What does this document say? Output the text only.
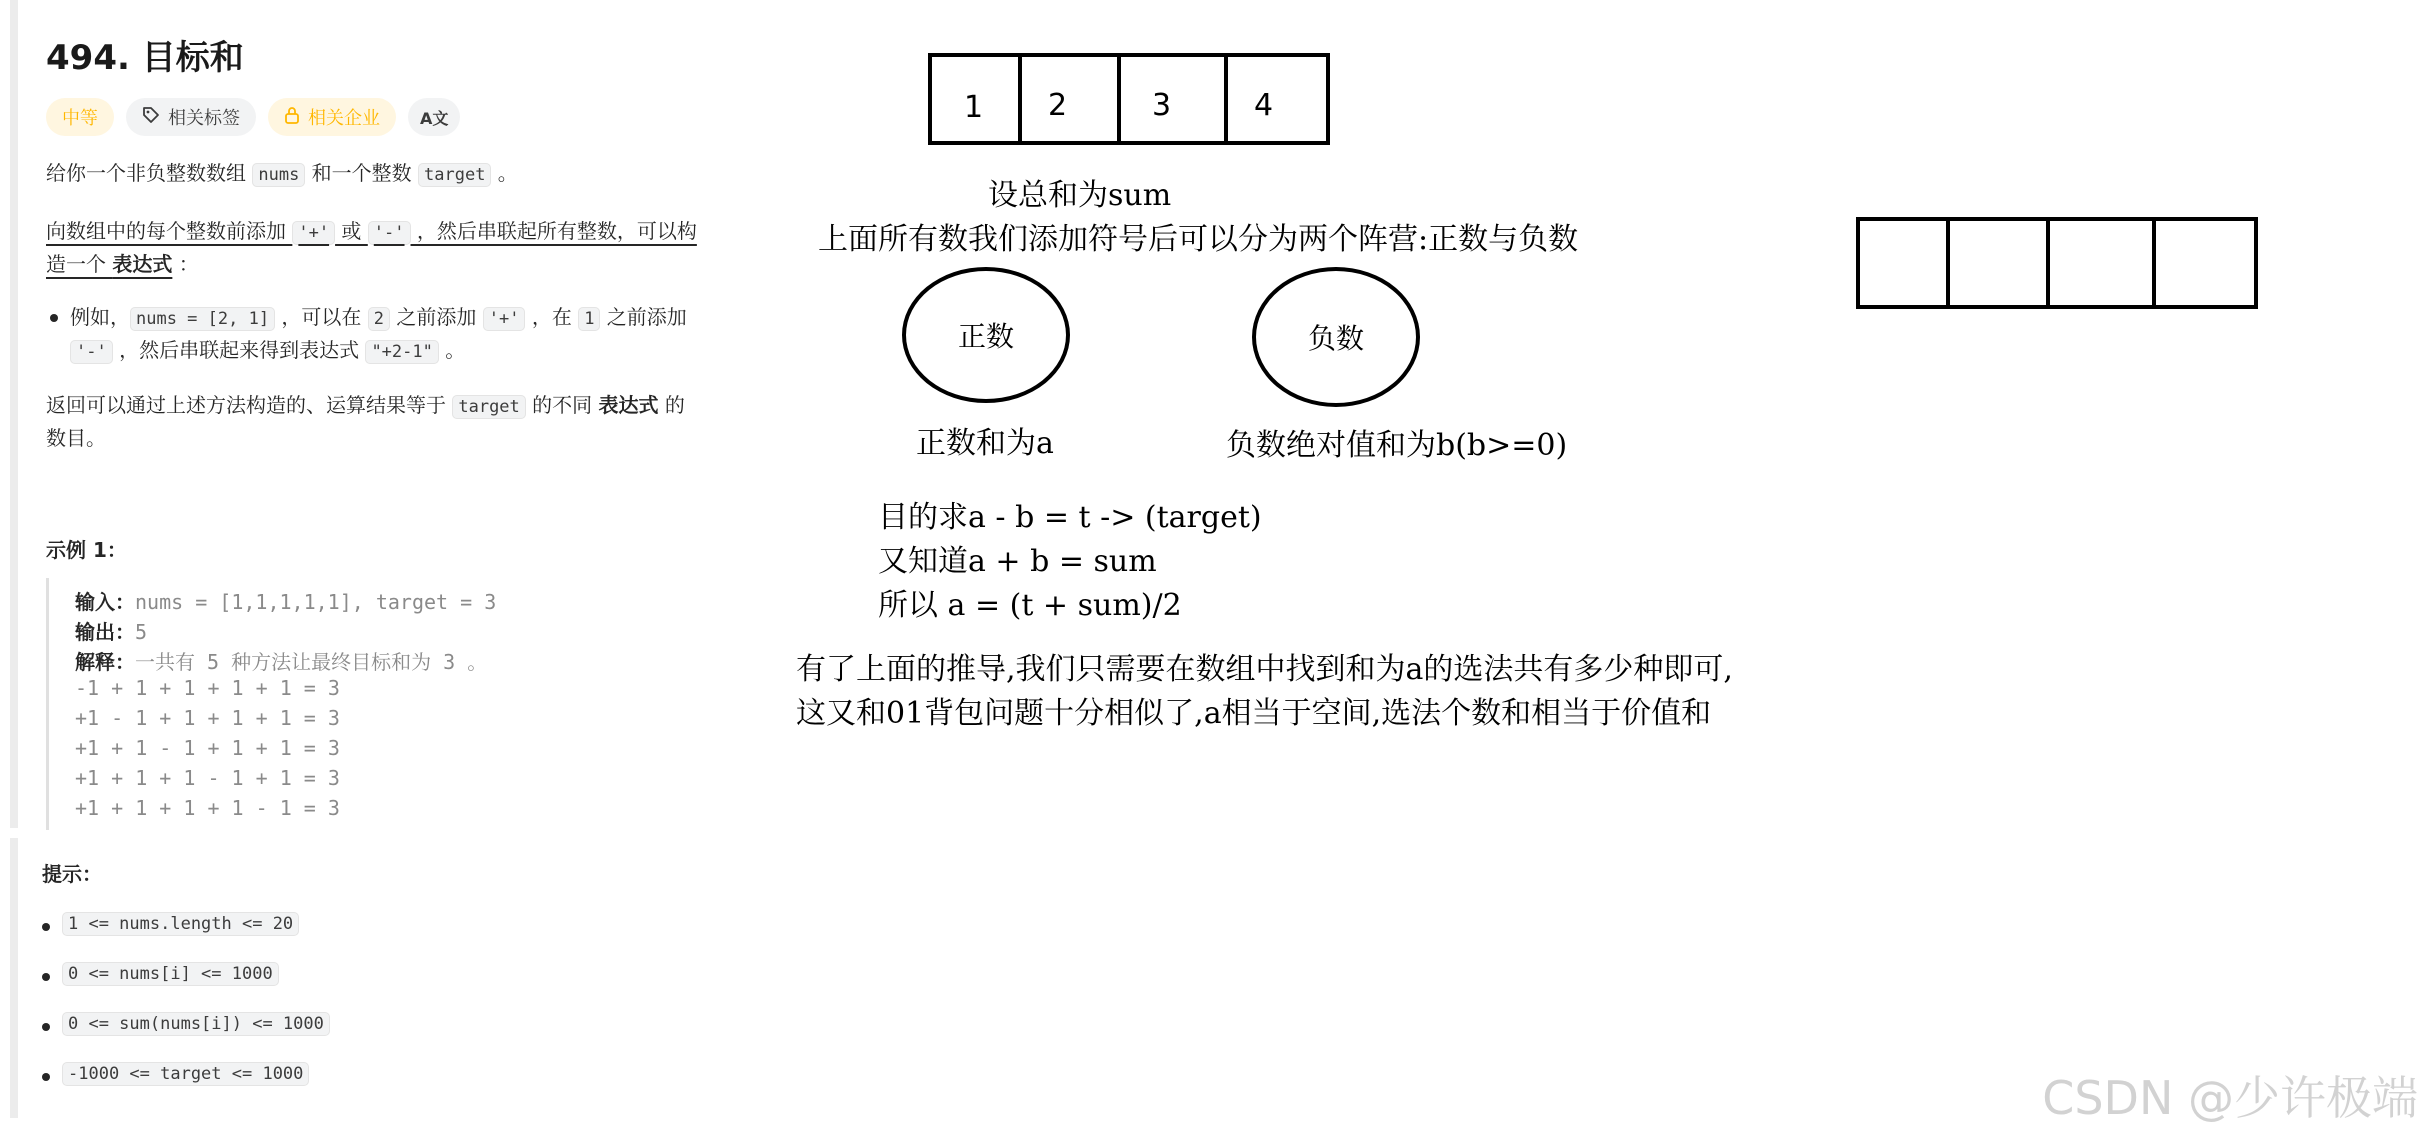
494. 目标和
中等	相关标签	相关企业	A文
给你一个非负整数数组 nums 和一个整数 target 。
向数组中的每个整数前添加 '+' 或 '-' ，然后串联起所有整数，可以构
造一个 表达式 ：
例如， nums = [2, 1] ，可以在 2 之前添加 '+' ，在 1 之前添加
'-' ，然后串联起来得到表达式 "+2-1" 。
返回可以通过上述方法构造的、运算结果等于 target 的不同 表达式 的
数目。
示例 1：
输入：nums = [1,1,1,1,1], target = 3
输出：5
解释：一共有 5 种方法让最终目标和为 3 。
-1 + 1 + 1 + 1 + 1 = 3
+1 - 1 + 1 + 1 + 1 = 3
+1 + 1 - 1 + 1 + 1 = 3
+1 + 1 + 1 - 1 + 1 = 3
+1 + 1 + 1 + 1 - 1 = 3
提示：
1 <= nums.length <= 20
0 <= nums[i] <= 1000
0 <= sum(nums[i]) <= 1000
-1000 <= target <= 1000
1 2	3	4
设总和为sum
上面所有数我们添加符号后可以分为两个阵营:正数与负数
正数	负数
正数和为a	负数绝对值和为b(b>=0)
目的求a - b = t -> (target)
又知道a + b = sum
所以 a = (t + sum)/2
有了上面的推导,我们只需要在数组中找到和为a的选法共有多少种即可,
这又和01背包问题十分相似了,a相当于空间,选法个数和相当于价值和
CSDN @少许极端
